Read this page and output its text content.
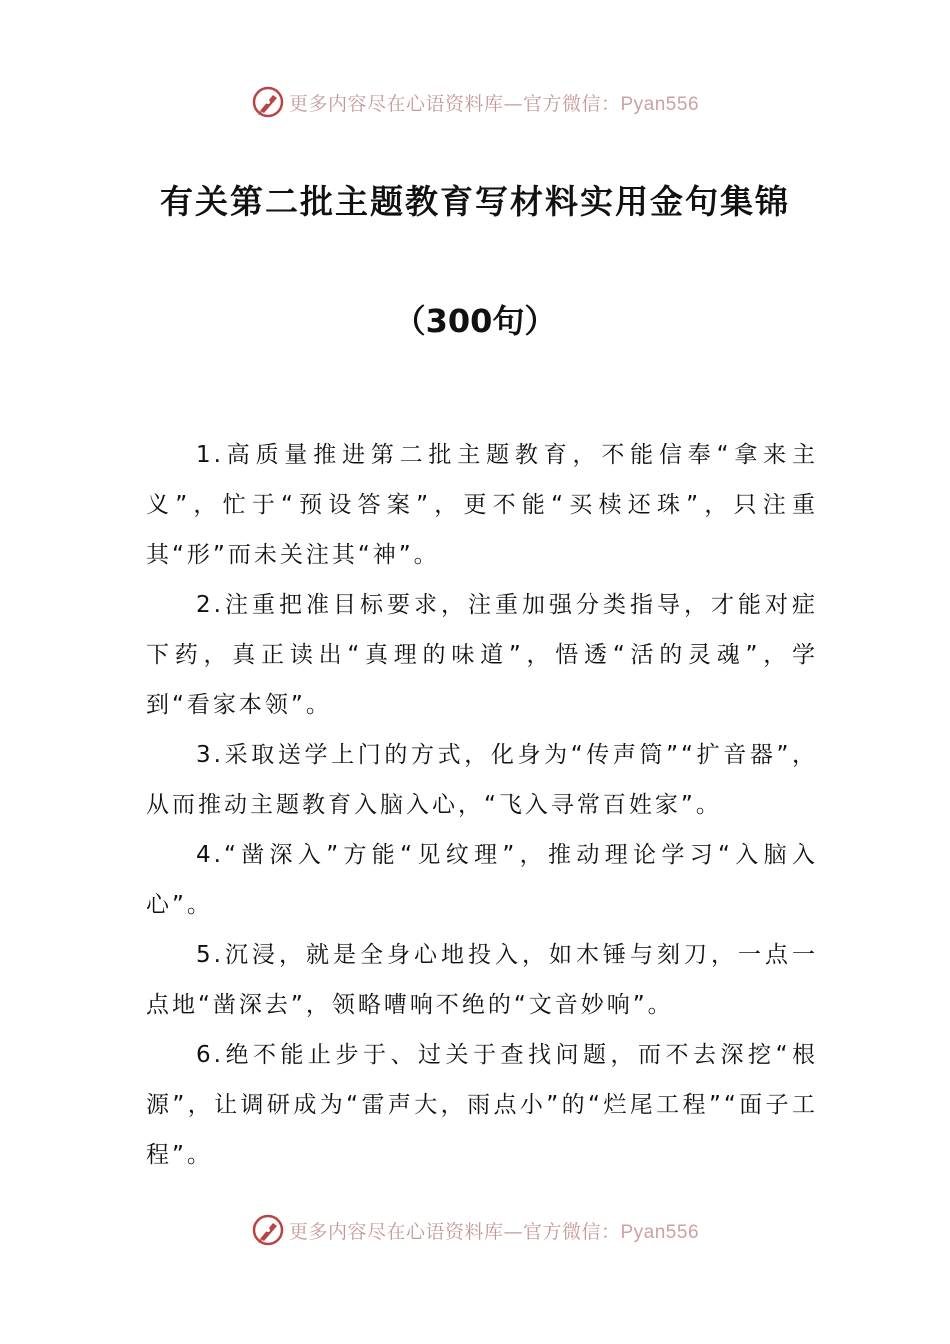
更多内容尽在心语资料库—官方微信：Pyan556
有关第二批主题教育写材料实用金句集锦
（300句）

1.高质量推进第二批主题教育，不能信奉“拿来主义”，忙于“预设答案”，更不能“买椟还珠”，只注重其“形”而未关注其“神”。

2.注重把准目标要求，注重加强分类指导，才能对症下药，真正读出“真理的味道”，悟透“活的灵魂”，学到“看家本领”。

3.采取送学上门的方式，化身为“传声筒”“扩音器”，从而推动主题教育入脑入心，“飞入寻常百姓家”。

4.“凿深入”方能“见纹理”，推动理论学习“入脑入心”。

5.沉浸，就是全身心地投入，如木锤与刻刀，一点一点地“凿深去”，领略嘈响不绝的“文音妙响”。

6.绝不能止步于、过关于查找问题，而不去深挖“根源”，让调研成为“雷声大，雨点小”的“烂尾工程”“面子工程”。

更多内容尽在心语资料库—官方微信：Pyan556
